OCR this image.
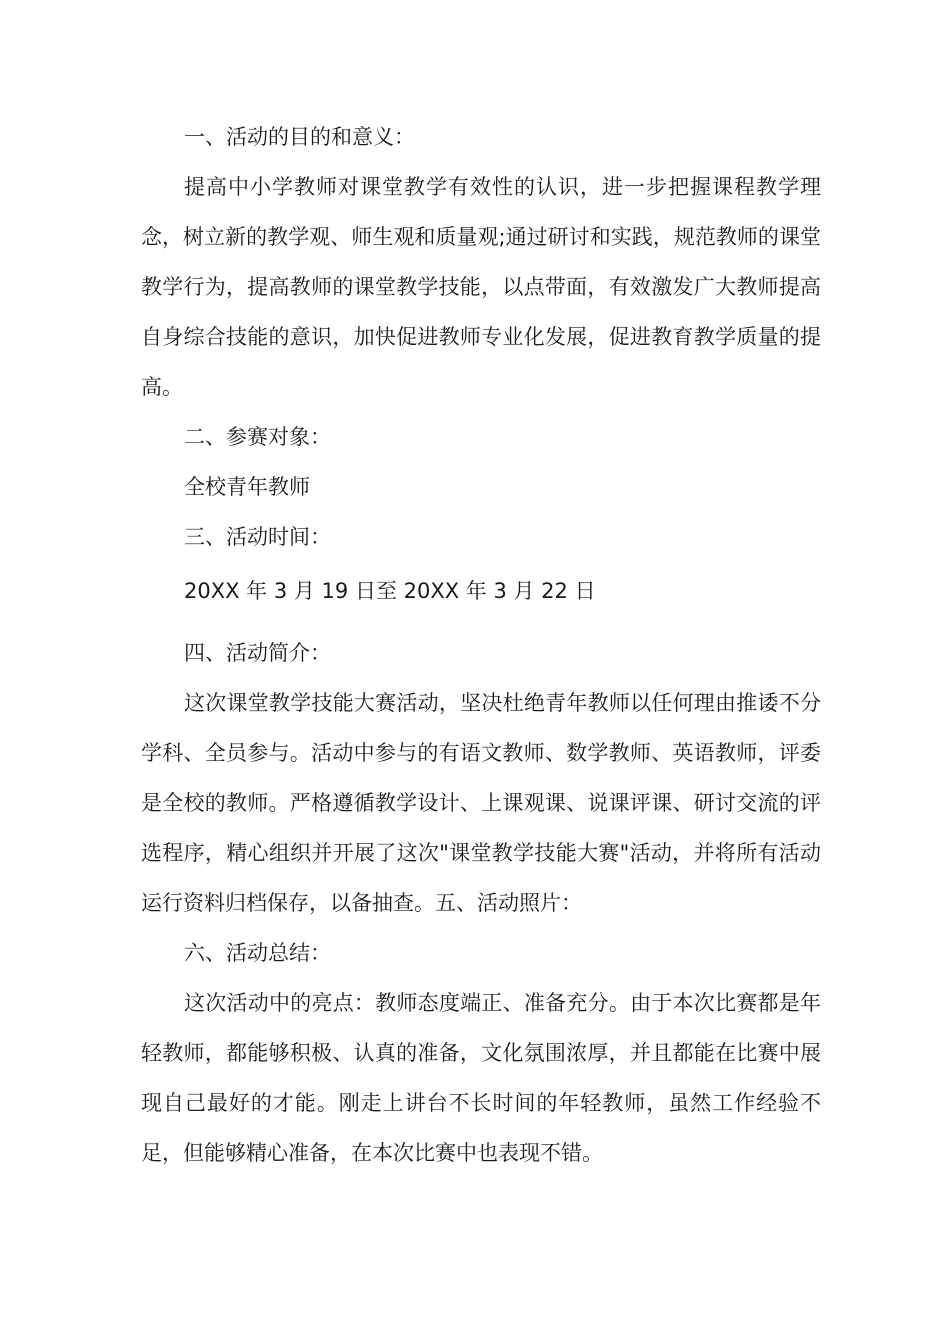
一、活动的目的和意义：

提高中小学教师对课堂教学有效性的认识，进一步把握课程教学理念，树立新的教学观、师生观和质量观;通过研讨和实践，规范教师的课堂教学行为，提高教师的课堂教学技能，以点带面，有效激发广大教师提高自身综合技能的意识，加快促进教师专业化发展，促进教育教学质量的提高。

二、参赛对象：

全校青年教师

三、活动时间：

20XX 年 3 月 19 日至 20XX 年 3 月 22 日

四、活动简介：

这次课堂教学技能大赛活动，坚决杜绝青年教师以任何理由推诿不分学科、全员参与。活动中参与的有语文教师、数学教师、英语教师，评委是全校的教师。严格遵循教学设计、上课观课、说课评课、研讨交流的评选程序，精心组织并开展了这次"课堂教学技能大赛"活动，并将所有活动运行资料归档保存，以备抽查。五、活动照片：

六、活动总结：

这次活动中的亮点：教师态度端正、准备充分。由于本次比赛都是年轻教师，都能够积极、认真的准备，文化氛围浓厚，并且都能在比赛中展现自己最好的才能。刚走上讲台不长时间的年轻教师，虽然工作经验不足，但能够精心准备，在本次比赛中也表现不错。
